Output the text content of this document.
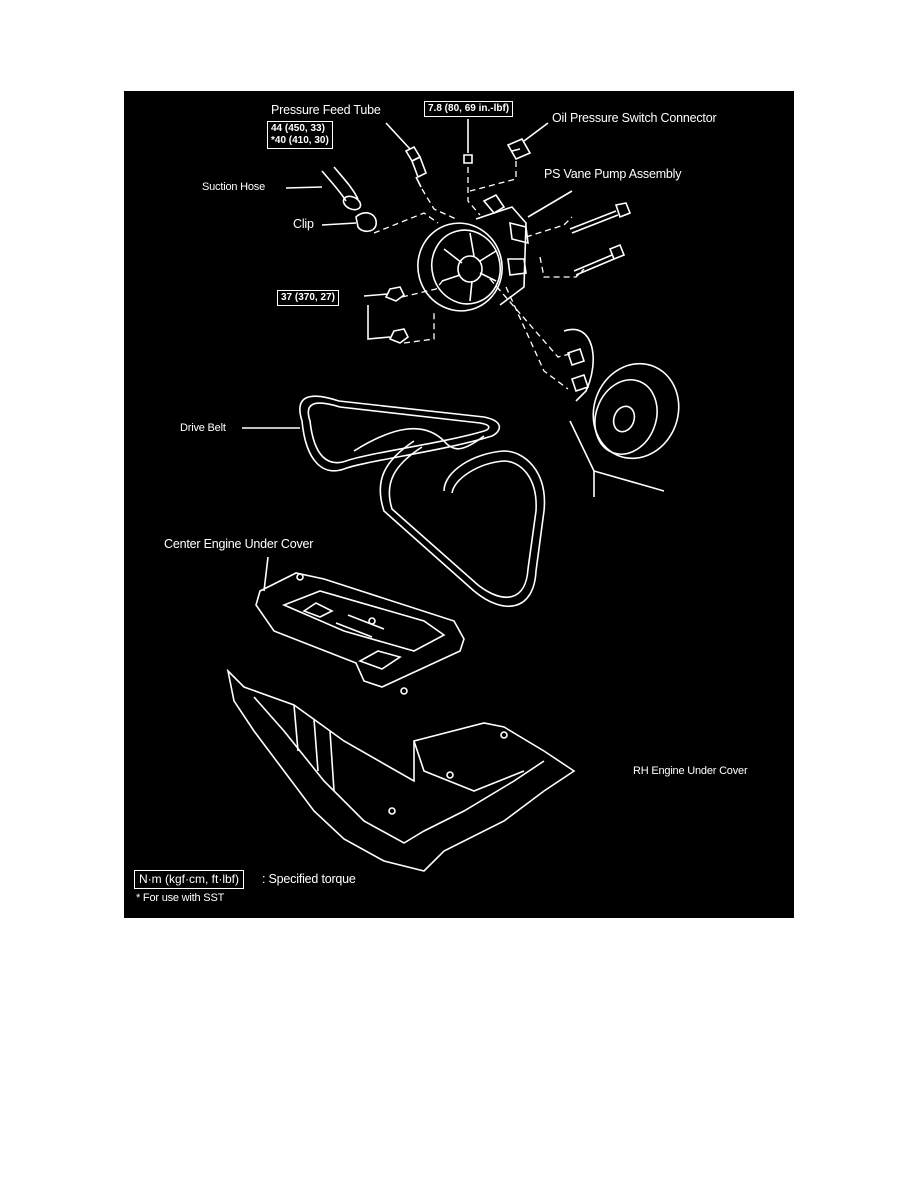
Pressure Feed Tube
Oil Pressure Switch Connector
PS Vane Pump Assembly
Suction Hose
Clip
Drive Belt
Center Engine Under Cover
RH Engine Under Cover
44 (450, 33)
*40 (410, 30)
7.8 (80, 69 in.-lbf)
37 (370, 27)
N·m (kgf·cm, ft·lbf)	: Specified torque
* For use with SST
